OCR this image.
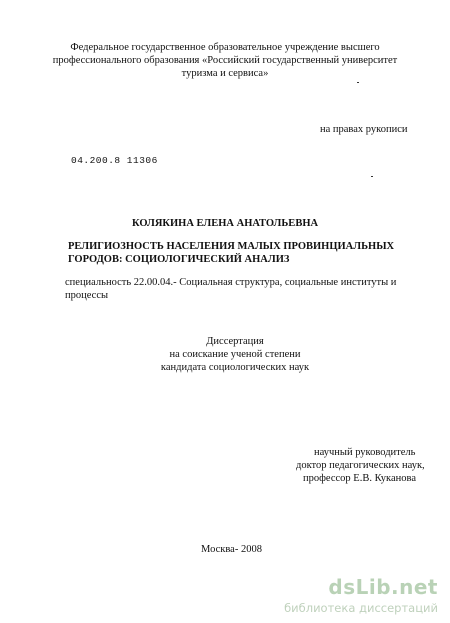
Федеральное государственное образовательное учреждение высшего
профессионального образования «Российский государственный университет
туризма и сервиса»
на правах рукописи
04.200.8 11306
КОЛЯКИНА ЕЛЕНА АНАТОЛЬЕВНА
РЕЛИГИОЗНОСТЬ НАСЕЛЕНИЯ МАЛЫХ ПРОВИНЦИАЛЬНЫХ
ГОРОДОВ: СОЦИОЛОГИЧЕСКИЙ АНАЛИЗ
специальность 22.00.04.- Социальная структура, социальные институты и
процессы
Диссертация
на соискание ученой степени
кандидата социологических наук
научный руководитель
доктор педагогических наук,
профессор Е.В. Куканова
Москва- 2008
dsLib.net
библиотека диссертаций
